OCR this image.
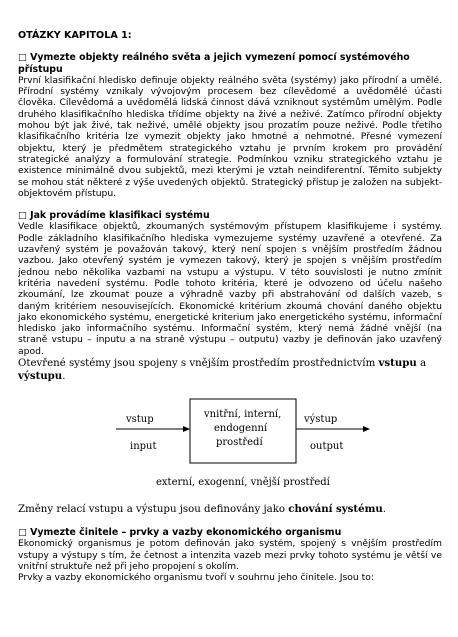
OTÁZKY KAPITOLA 1:

□ Vymezte objekty reálného světa a jejich vymezení pomocí systémového přístupu

První klasifikační hledisko definuje objekty reálného světa (systémy) jako přírodní a umělé. Přírodní systémy vznikaly vývojovým procesem bez cílevědomé a uvědomělé účasti člověka. Cílevědomá a uvědomělá lidská činnost dává vzniknout systémům umělým. Podle druhého klasifikačního hlediska třídíme objekty na živé a neživé. Zatímco přírodní objekty mohou být jak živé, tak neživé, umělé objekty jsou prozatím pouze neživé. Podle třetího klasifikačního kritéria lze vymezit objekty jako hmotné a nehmotné. Přesné vymezení objektu, který je předmětem strategického vztahu je prvním krokem pro provádění strategické analýzy a formulování strategie. Podmínkou vzniku strategického vztahu je existence minimálně dvou subjektů, mezi kterými je vztah neindiferentní. Těmito subjekty se mohou stát některé z výše uvedených objektů. Strategický přístup je založen na subjekt-objektovém přístupu.

□ Jak provádíme klasifikaci systému

Vedle klasifikace objektů, zkoumaných systémovým přístupem klasifikujeme i systémy. Podle základního klasifikačního hlediska vymezujeme systémy uzavřené a otevřené. Za uzavřený systém je považován takový, který není spojen s vnějším prostředím žádnou vazbou. Jako otevřený systém je vymezen takový, který je spojen s vnějším prostředím jednou nebo několika vazbami na vstupu a výstupu. V této souvislosti je nutno zmínit kritéria navedení systému. Podle tohoto kritéria, které je odvozeno od účelu našeho zkoumání, lze zkoumat pouze a výhradně vazby při abstrahování od dalších vazeb, s daným kritériem nesouvisejících. Ekonomické kritérium zkoumá chování daného objektu jako ekonomického systému, energetické kriterium jako energetického systému, informační hledisko jako informačního systému. Informační systém, který nemá žádné vnější (na straně vstupu – inputu a na straně výstupu – outputu) vazby je definován jako uzavřený apod.

Otevřené systémy jsou spojeny s vnějším prostředím prostřednictvím vstupu a výstupu.

vstup
input
vnitřní, interní,
endogenní
prostředí
výstup
output
externí, exogenní, vnější prostředí

Změny relací vstupu a výstupu jsou definovány jako chování systému.

□ Vymezte činitele – prvky a vazby ekonomického organismu

Ekonomický organismus je potom definován jako systém, spojený s vnějším prostředím vstupy a výstupy s tím, že četnost a intenzita vazeb mezi prvky tohoto systému je větší ve vnitřní struktuře než při jeho propojení s okolím.

Prvky a vazby ekonomického organismu tvoří v souhrnu jeho činitele. Jsou to:
